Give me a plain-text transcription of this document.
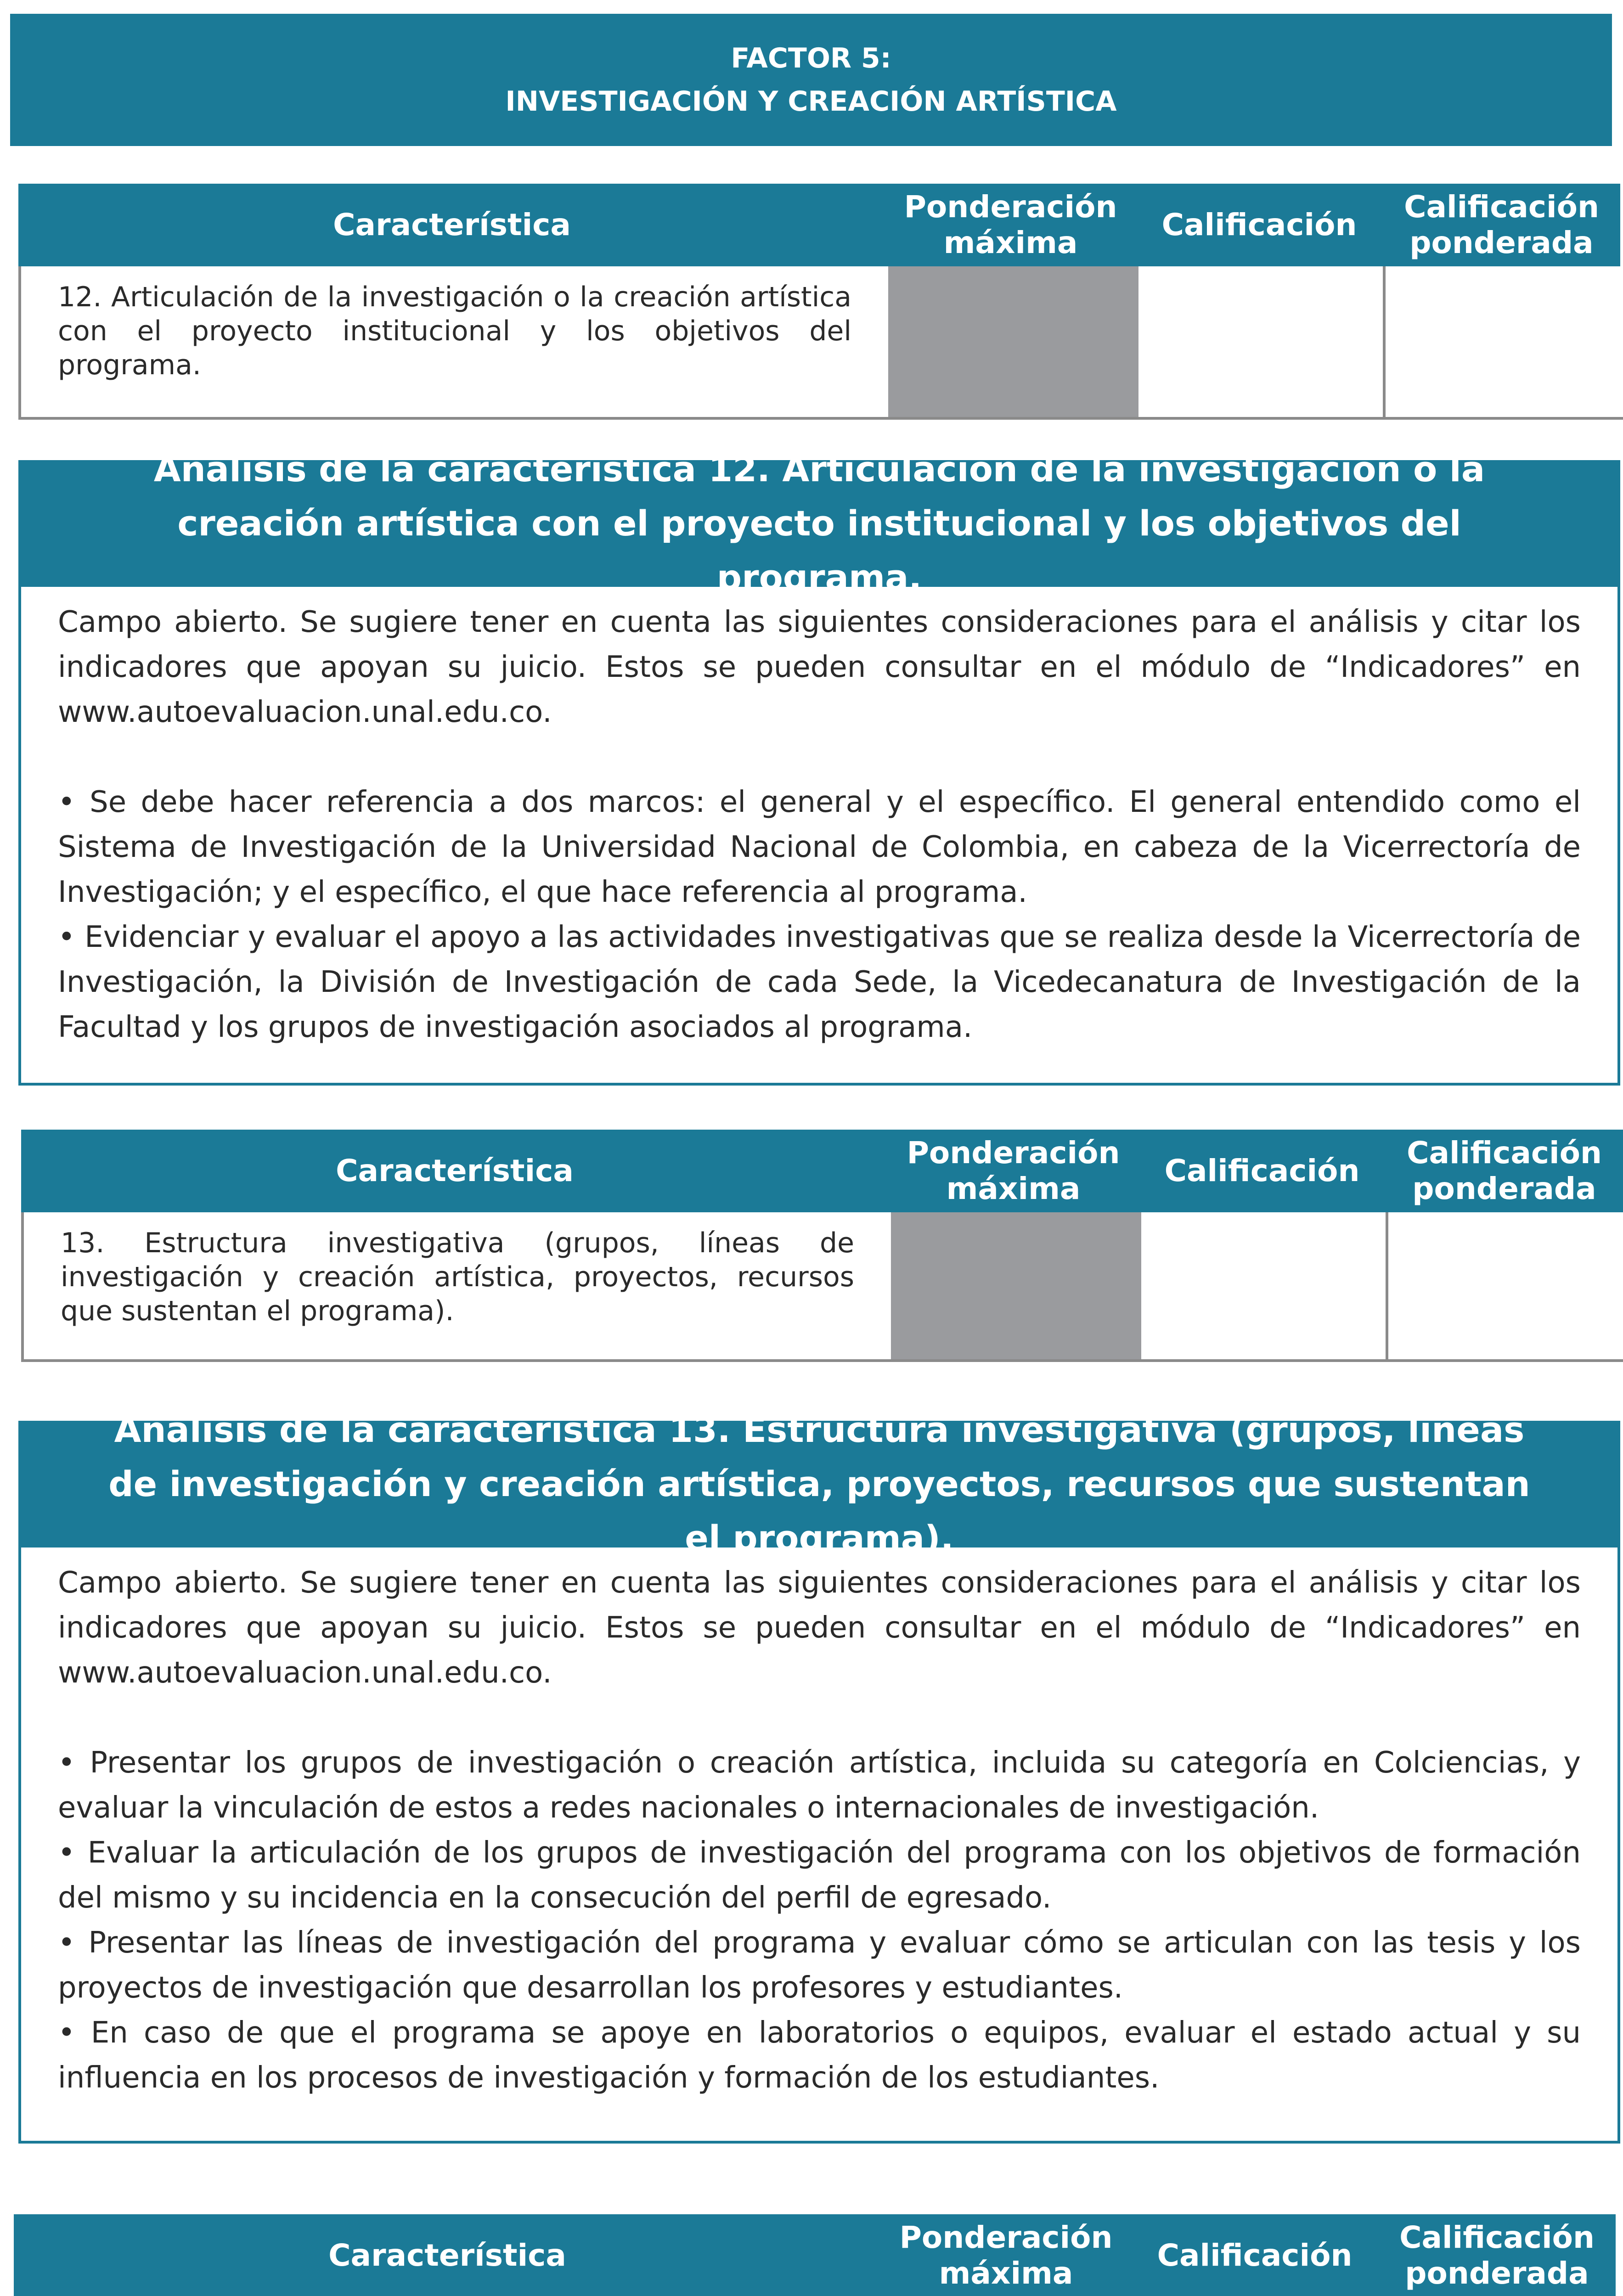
FACTOR 5:
INVESTIGACIÓN Y CREACIÓN ARTÍSTICA
Característica
Ponderación máxima
Calificación
Calificación ponderada
12. Articulación de la investigación o la creación artística con el proyecto institucional y los objetivos del programa.
Análisis de la característica 12. Articulación de la investigación o la creación artística con el proyecto institucional y los objetivos del programa.

Campo abierto. Se sugiere tener en cuenta las siguientes consideraciones para el análisis y citar los indicadores que apoyan su juicio. Estos se pueden consultar en el módulo de “Indicadores” en www.autoevaluacion.unal.edu.co.

• Se debe hacer referencia a dos marcos: el general y el específico. El general entendido como el Sistema de Investigación de la Universidad Nacional de Colombia, en cabeza de la Vicerrectoría de Investigación; y el específico, el que hace referencia al programa.

• Evidenciar y evaluar el apoyo a las actividades investigativas que se realiza desde la Vicerrectoría de Investigación, la División de Investigación de cada Sede, la Vicedecanatura de Investigación de la Facultad y los grupos de investigación asociados al programa.

Característica
Ponderación máxima
Calificación
Calificación ponderada
13. Estructura investigativa (grupos, líneas de investigación y creación artística, proyectos, recursos que sustentan el programa).
Análisis de la característica 13. Estructura investigativa (grupos, líneas de investigación y creación artística, proyectos, recursos que sustentan el programa).

Campo abierto. Se sugiere tener en cuenta las siguientes consideraciones para el análisis y citar los indicadores que apoyan su juicio. Estos se pueden consultar en el módulo de “Indicadores” en www.autoevaluacion.unal.edu.co.

• Presentar los grupos de investigación o creación artística, incluida su categoría en Colciencias, y evaluar la vinculación de estos a redes nacionales o internacionales de investigación.

• Evaluar la articulación de los grupos de investigación del programa con los objetivos de formación del mismo y su incidencia en la consecución del perfil de egresado.

• Presentar las líneas de investigación del programa y evaluar cómo se articulan con las tesis y los proyectos de investigación que desarrollan los profesores y estudiantes.

• En caso de que el programa se apoye en laboratorios o equipos, evaluar el estado actual y su influencia en los procesos de investigación y formación de los estudiantes.

Característica
Ponderación máxima
Calificación
Calificación ponderada
